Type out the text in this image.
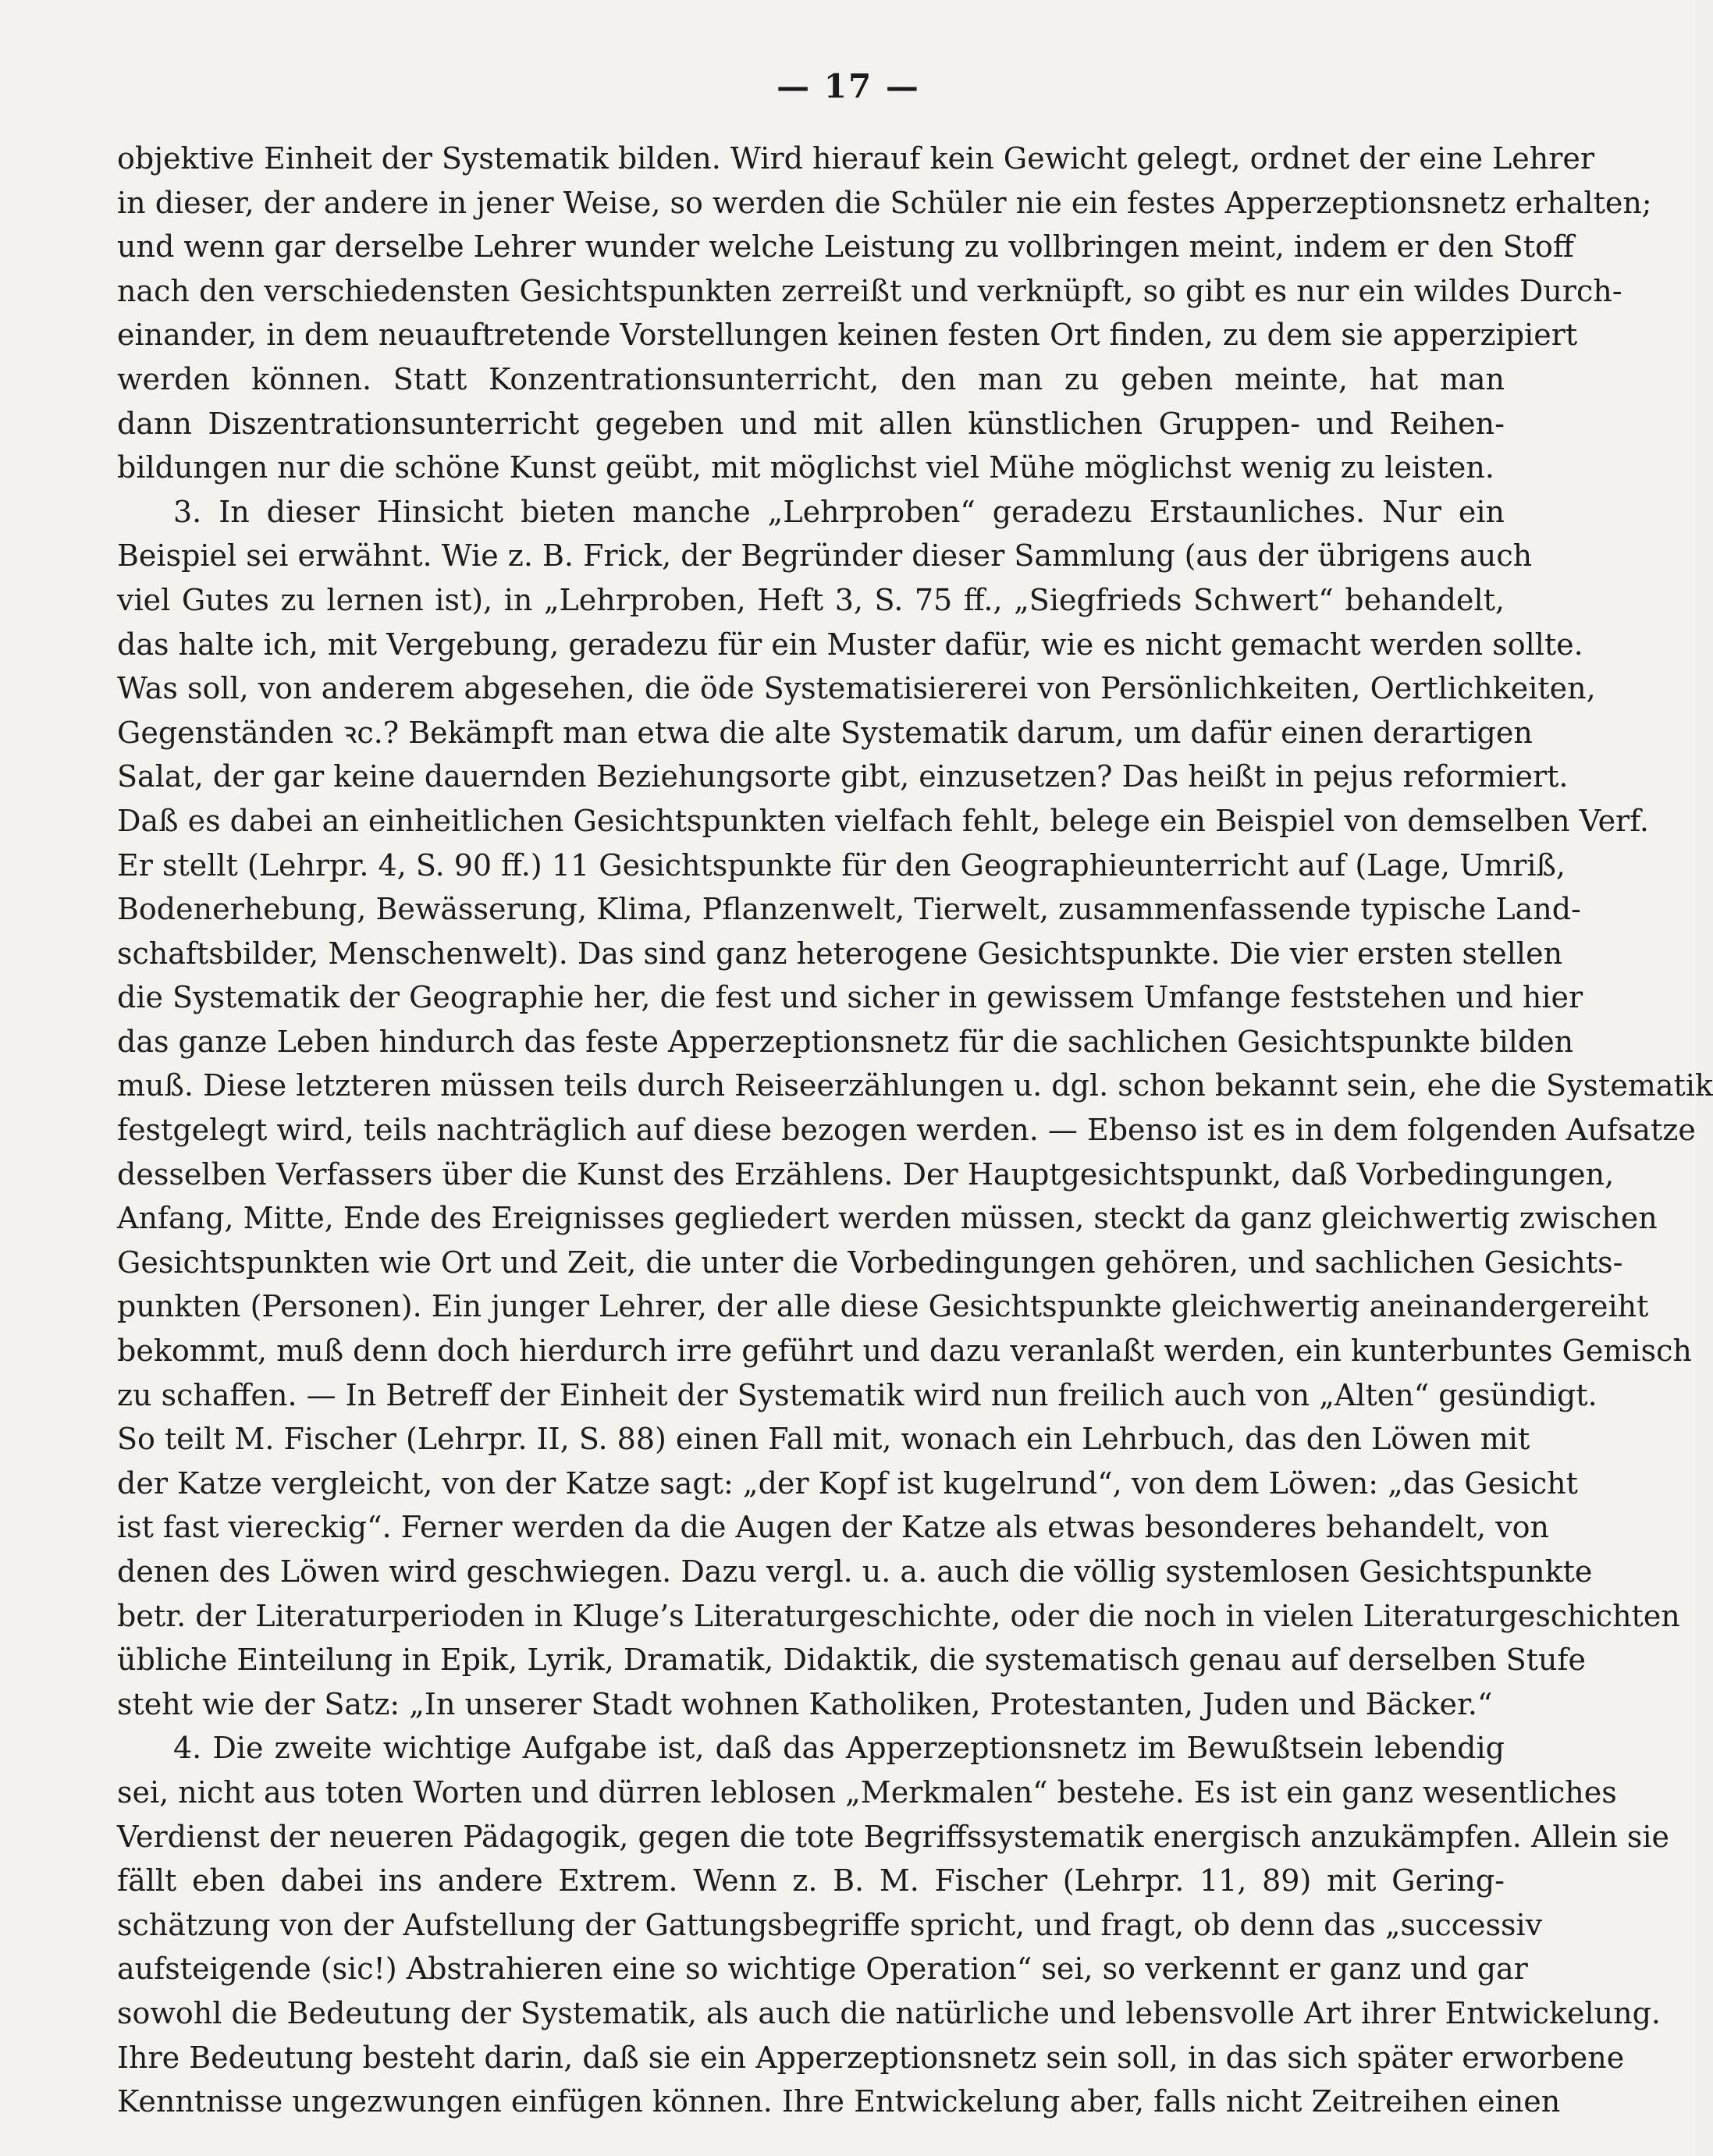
— 17 —
objektive Einheit der Systematik bilden. Wird hierauf kein Gewicht gelegt, ordnet der eine Lehrer
in dieser, der andere in jener Weise, so werden die Schüler nie ein festes Apperzeptionsnetz erhalten;
und wenn gar derselbe Lehrer wunder welche Leistung zu vollbringen meint, indem er den Stoff
nach den verschiedensten Gesichtspunkten zerreißt und verknüpft, so gibt es nur ein wildes Durch-
einander, in dem neuauftretende Vorstellungen keinen festen Ort finden, zu dem sie apperzipiert
werden können. Statt Konzentrationsunterricht, den man zu geben meinte, hat man
dann Diszentrationsunterricht gegeben und mit allen künstlichen Gruppen- und Reihen-
bildungen nur die schöne Kunst geübt, mit möglichst viel Mühe möglichst wenig zu leisten.
3. In dieser Hinsicht bieten manche „Lehrproben“ geradezu Erstaunliches. Nur ein
Beispiel sei erwähnt. Wie z. B. Frick, der Begründer dieser Sammlung (aus der übrigens auch
viel Gutes zu lernen ist), in „Lehrproben, Heft 3, S. 75 ff., „Siegfrieds Schwert“ behandelt,
das halte ich, mit Vergebung, geradezu für ein Muster dafür, wie es nicht gemacht werden sollte.
Was soll, von anderem abgesehen, die öde Systematisiererei von Persönlichkeiten, Oertlichkeiten,
Gegenständen ꝛc.? Bekämpft man etwa die alte Systematik darum, um dafür einen derartigen
Salat, der gar keine dauernden Beziehungsorte gibt, einzusetzen? Das heißt in pejus reformiert.
Daß es dabei an einheitlichen Gesichtspunkten vielfach fehlt, belege ein Beispiel von demselben Verf.
Er stellt (Lehrpr. 4, S. 90 ff.) 11 Gesichtspunkte für den Geographieunterricht auf (Lage, Umriß,
Bodenerhebung, Bewässerung, Klima, Pflanzenwelt, Tierwelt, zusammenfassende typische Land-
schaftsbilder, Menschenwelt). Das sind ganz heterogene Gesichtspunkte. Die vier ersten stellen
die Systematik der Geographie her, die fest und sicher in gewissem Umfange feststehen und hier
das ganze Leben hindurch das feste Apperzeptionsnetz für die sachlichen Gesichtspunkte bilden
muß. Diese letzteren müssen teils durch Reiseerzählungen u. dgl. schon bekannt sein, ehe die Systematik
festgelegt wird, teils nachträglich auf diese bezogen werden. — Ebenso ist es in dem folgenden Aufsatze
desselben Verfassers über die Kunst des Erzählens. Der Hauptgesichtspunkt, daß Vorbedingungen,
Anfang, Mitte, Ende des Ereignisses gegliedert werden müssen, steckt da ganz gleichwertig zwischen
Gesichtspunkten wie Ort und Zeit, die unter die Vorbedingungen gehören, und sachlichen Gesichts-
punkten (Personen). Ein junger Lehrer, der alle diese Gesichtspunkte gleichwertig aneinandergereiht
bekommt, muß denn doch hierdurch irre geführt und dazu veranlaßt werden, ein kunterbuntes Gemisch
zu schaffen. — In Betreff der Einheit der Systematik wird nun freilich auch von „Alten“ gesündigt.
So teilt M. Fischer (Lehrpr. II, S. 88) einen Fall mit, wonach ein Lehrbuch, das den Löwen mit
der Katze vergleicht, von der Katze sagt: „der Kopf ist kugelrund“, von dem Löwen: „das Gesicht
ist fast viereckig“. Ferner werden da die Augen der Katze als etwas besonderes behandelt, von
denen des Löwen wird geschwiegen. Dazu vergl. u. a. auch die völlig systemlosen Gesichtspunkte
betr. der Literaturperioden in Kluge’s Literaturgeschichte, oder die noch in vielen Literaturgeschichten
übliche Einteilung in Epik, Lyrik, Dramatik, Didaktik, die systematisch genau auf derselben Stufe
steht wie der Satz: „In unserer Stadt wohnen Katholiken, Protestanten, Juden und Bäcker.“
4. Die zweite wichtige Aufgabe ist, daß das Apperzeptionsnetz im Bewußtsein lebendig
sei, nicht aus toten Worten und dürren leblosen „Merkmalen“ bestehe. Es ist ein ganz wesentliches
Verdienst der neueren Pädagogik, gegen die tote Begriffssystematik energisch anzukämpfen. Allein sie
fällt eben dabei ins andere Extrem. Wenn z. B. M. Fischer (Lehrpr. 11, 89) mit Gering-
schätzung von der Aufstellung der Gattungsbegriffe spricht, und fragt, ob denn das „successiv
aufsteigende (sic!) Abstrahieren eine so wichtige Operation“ sei, so verkennt er ganz und gar
sowohl die Bedeutung der Systematik, als auch die natürliche und lebensvolle Art ihrer Entwickelung.
Ihre Bedeutung besteht darin, daß sie ein Apperzeptionsnetz sein soll, in das sich später erworbene
Kenntnisse ungezwungen einfügen können. Ihre Entwickelung aber, falls nicht Zeitreihen einen
